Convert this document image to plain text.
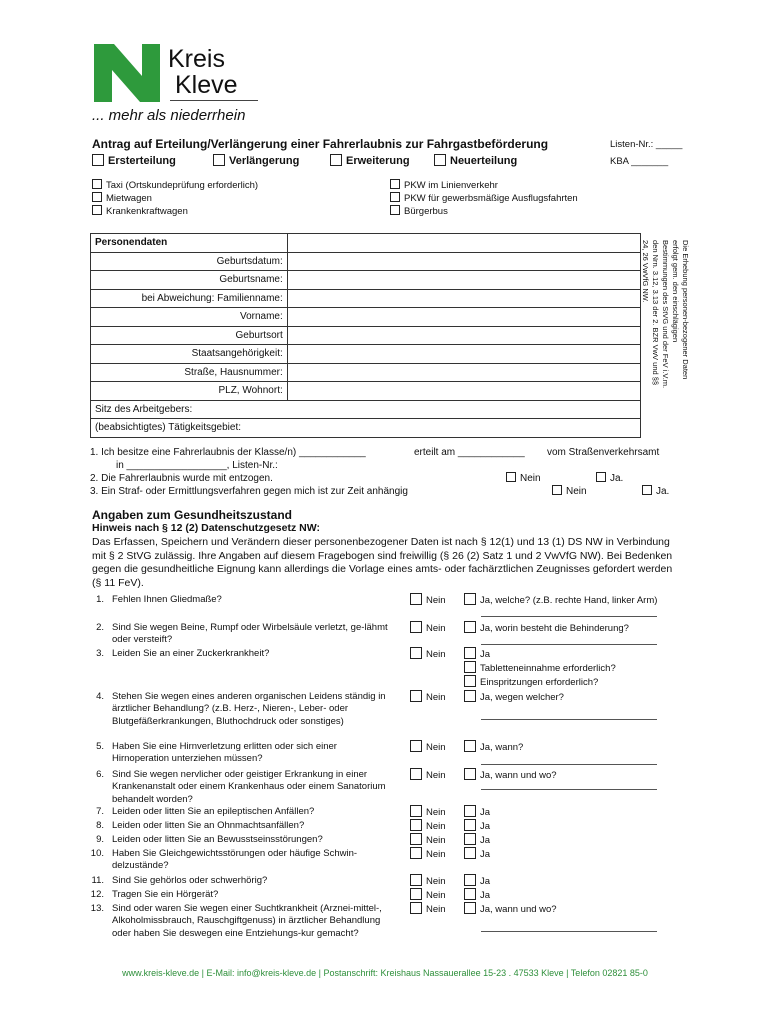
Kreis
Kleve
... mehr als niederrhein
Antrag auf Erteilung/Verlängerung einer Fahrerlaubnis zur Fahrgastbeförderung	Listen-Nr.: _____
KBA _______
Ersterteilung	Verlängerung	Erweiterung	Neuerteilung
Taxi (Ortskundeprüfung erforderlich)
Mietwagen
Krankenkraftwagen
PKW im Linienverkehr
PKW für gewerbsmäßige Ausflugsfahrten
Bürgerbus
Personendaten	
Geburtsdatum:	
Geburtsname:	
bei Abweichung: Familienname:	
Vorname:	
Geburtsort	
Staatsangehörigkeit:	
Straße, Hausnummer:	
PLZ, Wohnort:	
Sitz des Arbeitgebers:	
(beabsichtigtes) Tätigkeitsgebiet:	
Die Erhebung personen-bezogener Daten erfolgt gem. den einschlägigen Bestimmungen des StVG und der FeV i.V.m. den Nrn. 3.12, 3.13 der 2. BZR VwV und §§ 24, 26 VwVfG NW.
1. Ich besitze eine Fahrerlaubnis der Klasse/n) ____________	erteilt am ____________ vom Straßenverkehrsamt
in __________________, Listen-Nr.:
2. Die Fahrerlaubnis wurde mit entzogen.	Nein	Ja.
3. Ein Straf- oder Ermittlungsverfahren gegen mich ist zur Zeit anhängig	Nein	Ja.
Angaben zum Gesundheitszustand
Hinweis nach § 12 (2) Datenschutzgesetz NW:
Das Erfassen, Speichern und Verändern dieser personenbezogener Daten ist nach § 12(1) und 13 (1) DS NW in Verbindung mit § 2 StVG zulässig. Ihre Angaben auf diesem Fragebogen sind freiwillig (§ 26 (2) Satz 1 und 2 VwVfG NW). Bei Bedenken gegen die gesundheitliche Eignung kann allerdings die Vorlage eines amts- oder fachärztlichen Zeugnisses gefordert werden (§ 11 FeV).
1. Fehlen Ihnen Gliedmaße?	Nein	Ja, welche? (z.B. rechte Hand, linker Arm)
2. Sind Sie wegen Beine, Rumpf oder Wirbelsäule verletzt, ge-lähmt oder versteift?
Nein	Ja, worin besteht die Behinderung?
3. Leiden Sie an einer Zuckerkrankheit?	Nein	Ja
Tabletteneinnahme erforderlich?
Einspritzungen erforderlich?
4. Stehen Sie wegen eines anderen organischen Leidens ständig in ärztlicher Behandlung? (z.B. Herz-, Nieren-, Leber- oder Blutgefäßerkrankungen, Bluthochdruck oder sonstiges)
Nein	Ja, wegen welcher?
5. Haben Sie eine Hirnverletzung erlitten oder sich einer Hirnoperation unterziehen müssen?
Nein	Ja, wann?
6. Sind Sie wegen nervlicher oder geistiger Erkrankung in einer Krankenanstalt oder einem Krankenhaus oder einem Sanatorium behandelt worden?
Nein	Ja, wann und wo?
7. Leiden oder litten Sie an epileptischen Anfällen?	Nein	Ja
8. Leiden oder litten Sie an Ohnmachtsanfällen?	Nein	Ja
9. Leiden oder litten Sie an Bewusstseinsstörungen?	Nein	Ja
10. Haben Sie Gleichgewichtsstörungen oder häufige Schwin-delzustände?
Nein	Ja
11. Sind Sie gehörlos oder schwerhörig?	Nein	Ja
12. Tragen Sie ein Hörgerät?	Nein	Ja
13. Sind oder waren Sie wegen einer Suchtkrankheit (Arznei-mittel-, Alkoholmissbrauch, Rauschgiftgenuss) in ärztlicher Behandlung oder haben Sie deswegen eine Entziehungs-kur gemacht?
Nein	Ja, wann und wo?
www.kreis-kleve.de | E-Mail: info@kreis-kleve.de | Postanschrift: Kreishaus Nassauerallee 15-23 . 47533 Kleve | Telefon 02821 85-0
